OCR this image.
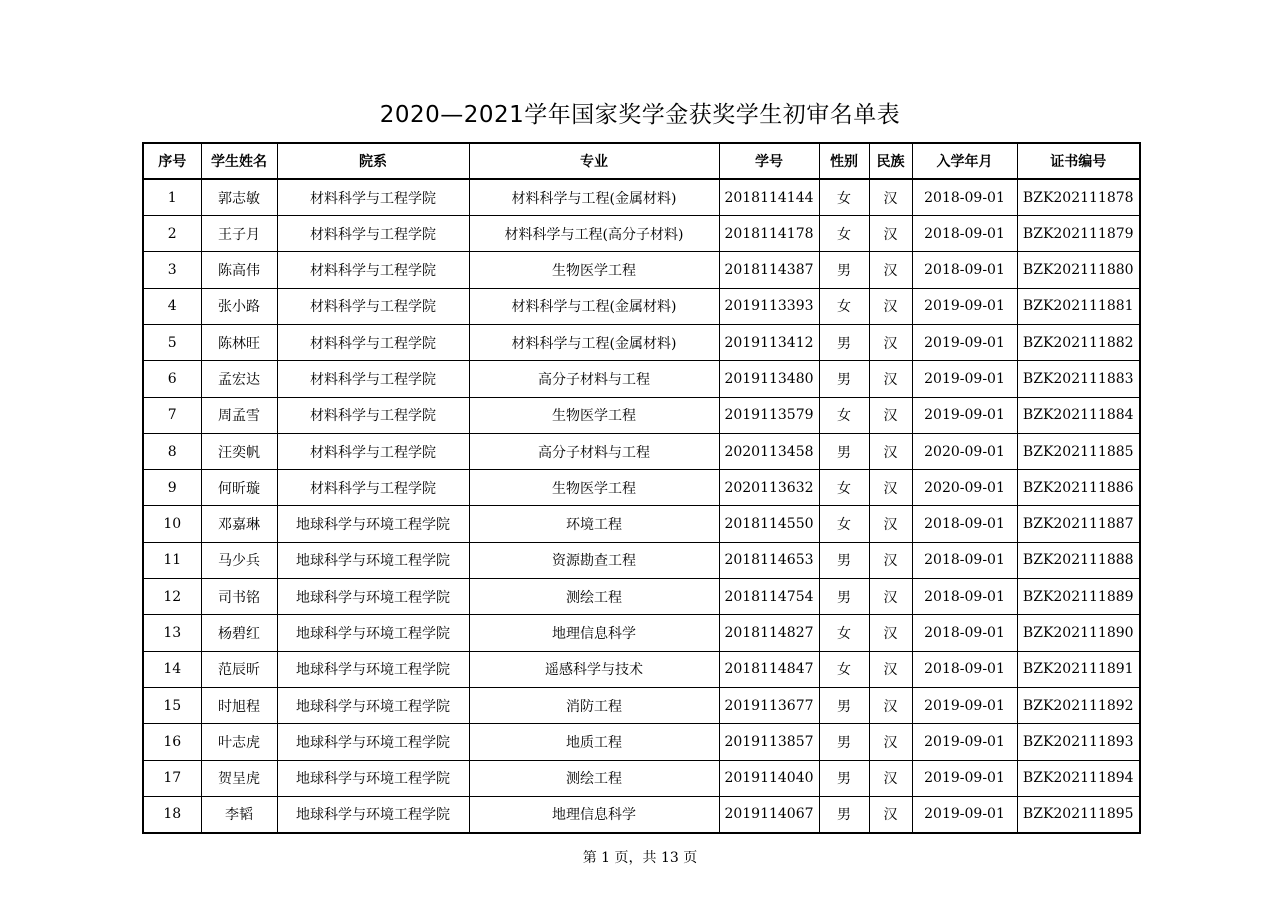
2020—2021学年国家奖学金获奖学生初审名单表
序号	学生姓名	院系	专业	学号	性别	民族	入学年月	证书编号
1	郭志敏	材料科学与工程学院	材料科学与工程(金属材料)	2018114144	女	汉	2018-09-01	BZK202111878
2	王子月	材料科学与工程学院	材料科学与工程(高分子材料)	2018114178	女	汉	2018-09-01	BZK202111879
3	陈高伟	材料科学与工程学院	生物医学工程	2018114387	男	汉	2018-09-01	BZK202111880
4	张小路	材料科学与工程学院	材料科学与工程(金属材料)	2019113393	女	汉	2019-09-01	BZK202111881
5	陈林旺	材料科学与工程学院	材料科学与工程(金属材料)	2019113412	男	汉	2019-09-01	BZK202111882
6	孟宏达	材料科学与工程学院	高分子材料与工程	2019113480	男	汉	2019-09-01	BZK202111883
7	周孟雪	材料科学与工程学院	生物医学工程	2019113579	女	汉	2019-09-01	BZK202111884
8	汪奕帆	材料科学与工程学院	高分子材料与工程	2020113458	男	汉	2020-09-01	BZK202111885
9	何昕璇	材料科学与工程学院	生物医学工程	2020113632	女	汉	2020-09-01	BZK202111886
10	邓嘉琳	地球科学与环境工程学院	环境工程	2018114550	女	汉	2018-09-01	BZK202111887
11	马少兵	地球科学与环境工程学院	资源勘查工程	2018114653	男	汉	2018-09-01	BZK202111888
12	司书铭	地球科学与环境工程学院	测绘工程	2018114754	男	汉	2018-09-01	BZK202111889
13	杨碧红	地球科学与环境工程学院	地理信息科学	2018114827	女	汉	2018-09-01	BZK202111890
14	范辰昕	地球科学与环境工程学院	遥感科学与技术	2018114847	女	汉	2018-09-01	BZK202111891
15	时旭程	地球科学与环境工程学院	消防工程	2019113677	男	汉	2019-09-01	BZK202111892
16	叶志虎	地球科学与环境工程学院	地质工程	2019113857	男	汉	2019-09-01	BZK202111893
17	贺呈虎	地球科学与环境工程学院	测绘工程	2019114040	男	汉	2019-09-01	BZK202111894
18	李韬	地球科学与环境工程学院	地理信息科学	2019114067	男	汉	2019-09-01	BZK202111895
第 1 页，共 13 页
